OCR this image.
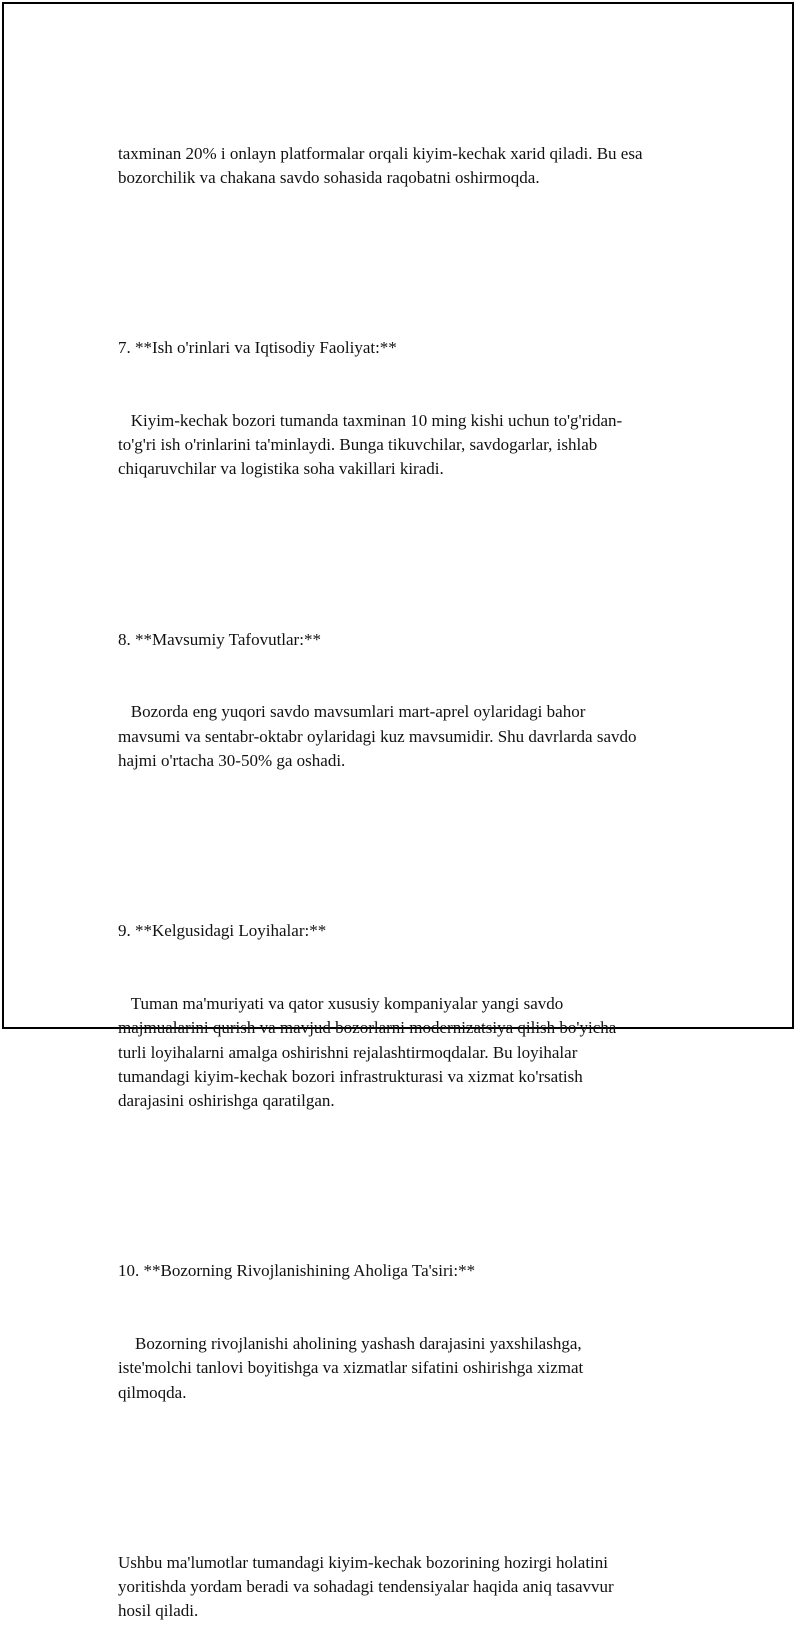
taxminan 20% i onlayn platformalar orqali kiyim-kechak xarid qiladi. Bu esa
bozorchilik va chakana savdo sohasida raqobatni oshirmoqda.

7. **Ish o'rinlari va Iqtisodiy Faoliyat:**

Kiyim-kechak bozori tumanda taxminan 10 ming kishi uchun to'g'ridan-
to'g'ri ish o'rinlarini ta'minlaydi. Bunga tikuvchilar, savdogarlar, ishlab
chiqaruvchilar va logistika soha vakillari kiradi.

8. **Mavsumiy Tafovutlar:**

Bozorda eng yuqori savdo mavsumlari mart-aprel oylaridagi bahor
mavsumi va sentabr-oktabr oylaridagi kuz mavsumidir. Shu davrlarda savdo
hajmi o'rtacha 30-50% ga oshadi.

9. **Kelgusidagi Loyihalar:**

Tuman ma'muriyati va qator xususiy kompaniyalar yangi savdo
majmualarini qurish va mavjud bozorlarni modernizatsiya qilish bo'yicha
turli loyihalarni amalga oshirishni rejalashtirmoqdalar. Bu loyihalar
tumandagi kiyim-kechak bozori infrastrukturasi va xizmat ko'rsatish
darajasini oshirishga qaratilgan.

10. **Bozorning Rivojlanishining Aholiga Ta'siri:**

Bozorning rivojlanishi aholining yashash darajasini yaxshilashga,
iste'molchi tanlovi boyitishga va xizmatlar sifatini oshirishga xizmat
qilmoqda.

Ushbu ma'lumotlar tumandagi kiyim-kechak bozorining hozirgi holatini
yoritishda yordam beradi va sohadagi tendensiyalar haqida aniq tasavvur
hosil qiladi.
